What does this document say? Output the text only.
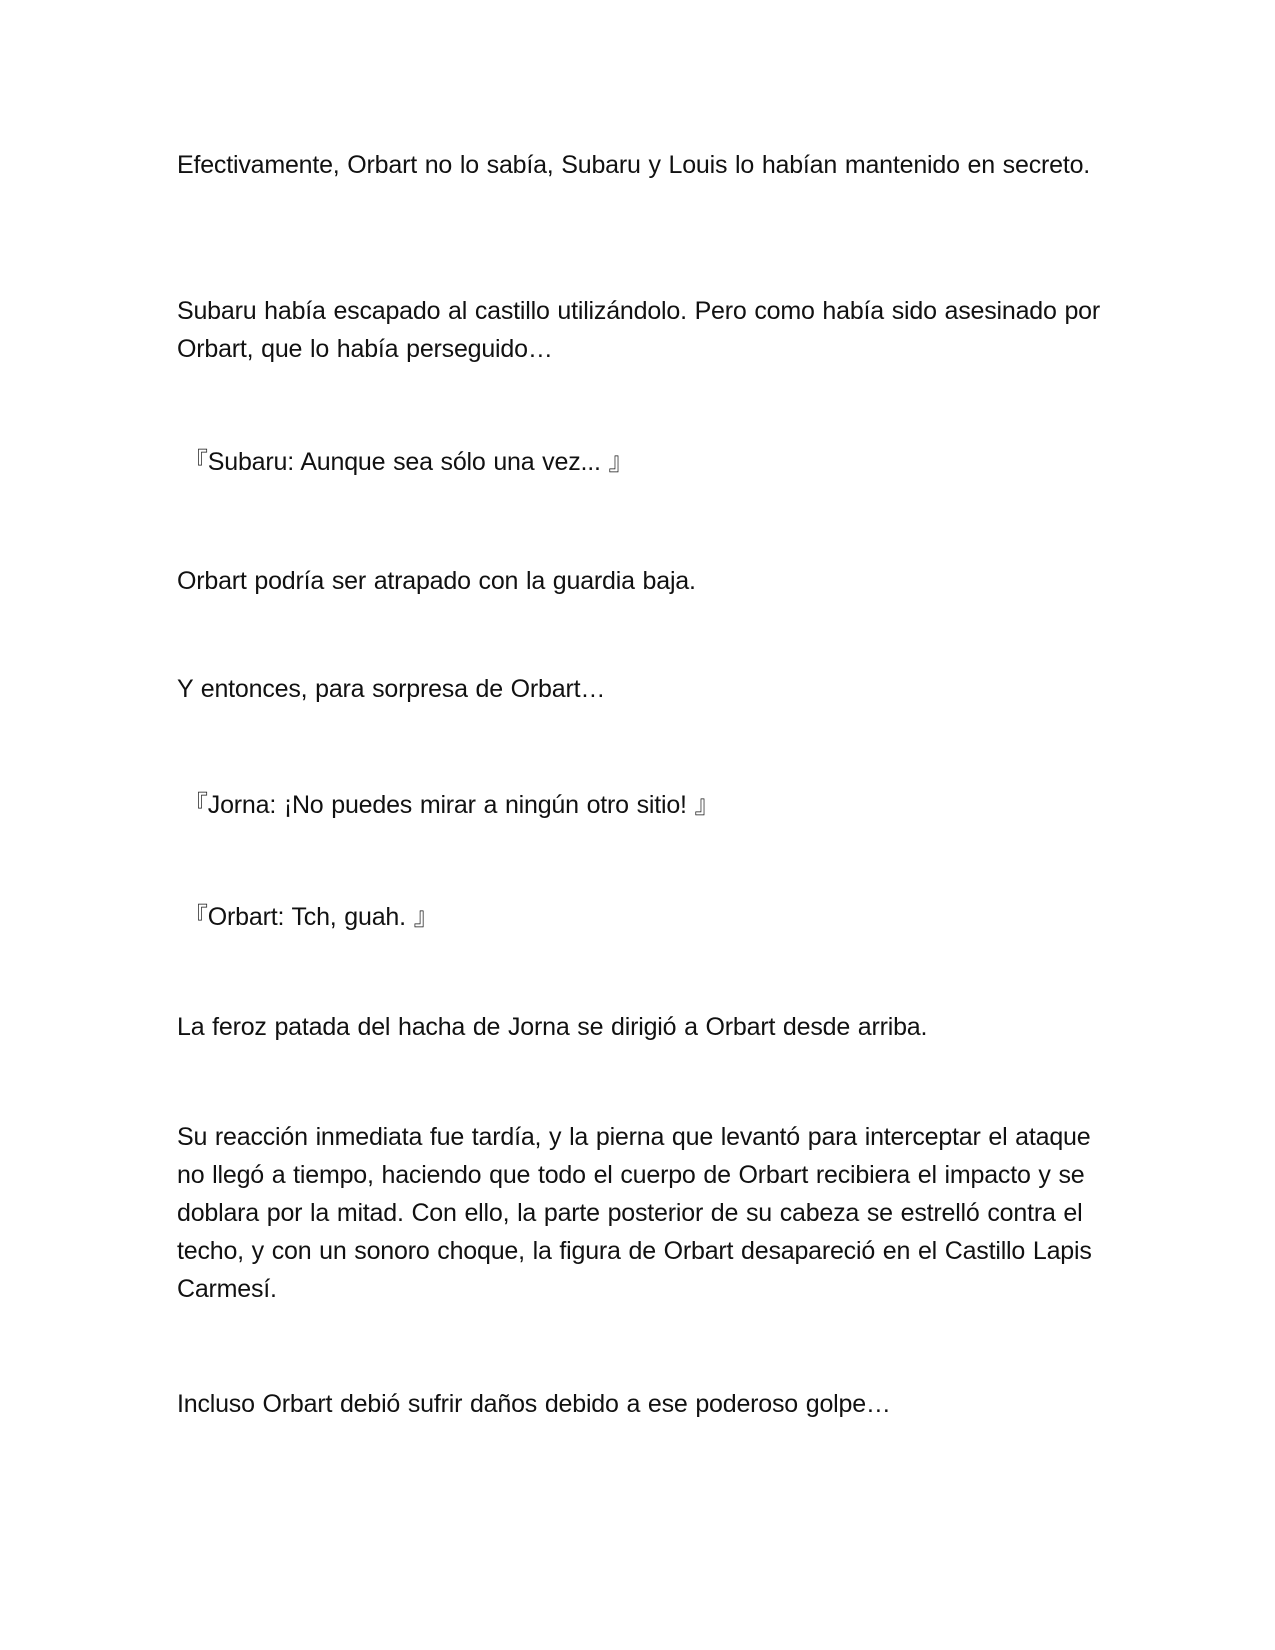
Efectivamente, Orbart no lo sabía, Subaru y Louis lo habían mantenido en secreto.

Subaru había escapado al castillo utilizándolo. Pero como había sido asesinado por Orbart, que lo había perseguido…

『Subaru: Aunque sea sólo una vez... 』

Orbart podría ser atrapado con la guardia baja.

Y entonces, para sorpresa de Orbart…

『Jorna: ¡No puedes mirar a ningún otro sitio! 』

『Orbart: Tch, guah. 』

La feroz patada del hacha de Jorna se dirigió a Orbart desde arriba.

Su reacción inmediata fue tardía, y la pierna que levantó para interceptar el ataque no llegó a tiempo, haciendo que todo el cuerpo de Orbart recibiera el impacto y se doblara por la mitad. Con ello, la parte posterior de su cabeza se estrelló contra el techo, y con un sonoro choque, la figura de Orbart desapareció en el Castillo Lapis Carmesí.

Incluso Orbart debió sufrir daños debido a ese poderoso golpe…
